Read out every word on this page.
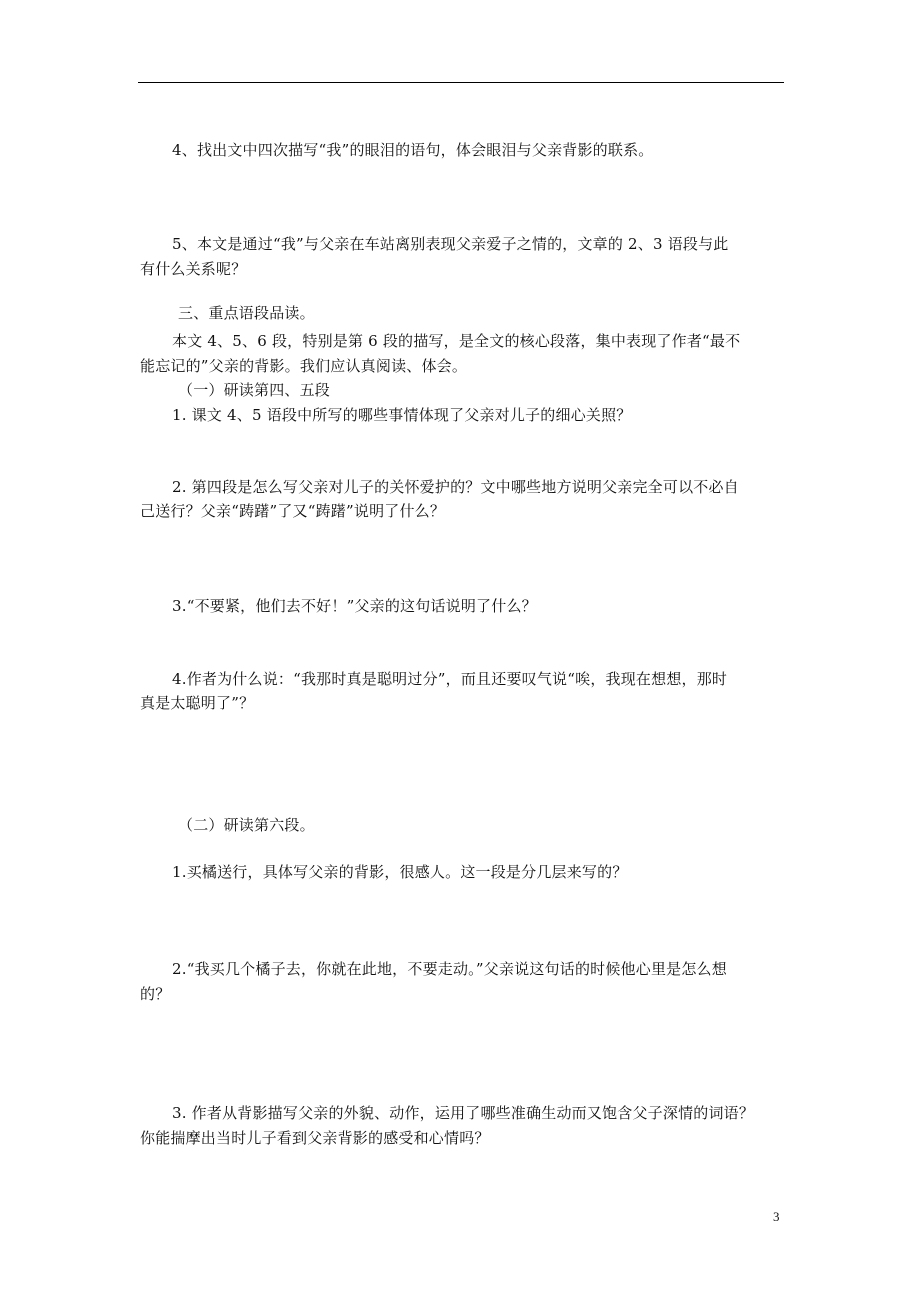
4、找出文中四次描写“我”的眼泪的语句，体会眼泪与父亲背影的联系。
5、本文是通过“我”与父亲在车站离别表现父亲爱子之情的，文章的 2、3 语段与此
有什么关系呢？
三、重点语段品读。
本文 4、5、6 段，特别是第 6 段的描写，是全文的核心段落，集中表现了作者“最不
能忘记的”父亲的背影。我们应认真阅读、体会。
（一）研读第四、五段
1. 课文 4、5 语段中所写的哪些事情体现了父亲对儿子的细心关照？
2. 第四段是怎么写父亲对儿子的关怀爱护的？文中哪些地方说明父亲完全可以不必自
己送行？父亲“踌躇”了又“踌躇”说明了什么？
3.“不要紧，他们去不好！”父亲的这句话说明了什么？
4.作者为什么说：“我那时真是聪明过分”，而且还要叹气说“唉，我现在想想，那时
真是太聪明了”？
（二）研读第六段。
1.买橘送行，具体写父亲的背影，很感人。这一段是分几层来写的？
2.“我买几个橘子去，你就在此地，不要走动。”父亲说这句话的时候他心里是怎么想
的？
3. 作者从背影描写父亲的外貌、动作，运用了哪些准确生动而又饱含父子深情的词语？
你能揣摩出当时儿子看到父亲背影的感受和心情吗？
3
